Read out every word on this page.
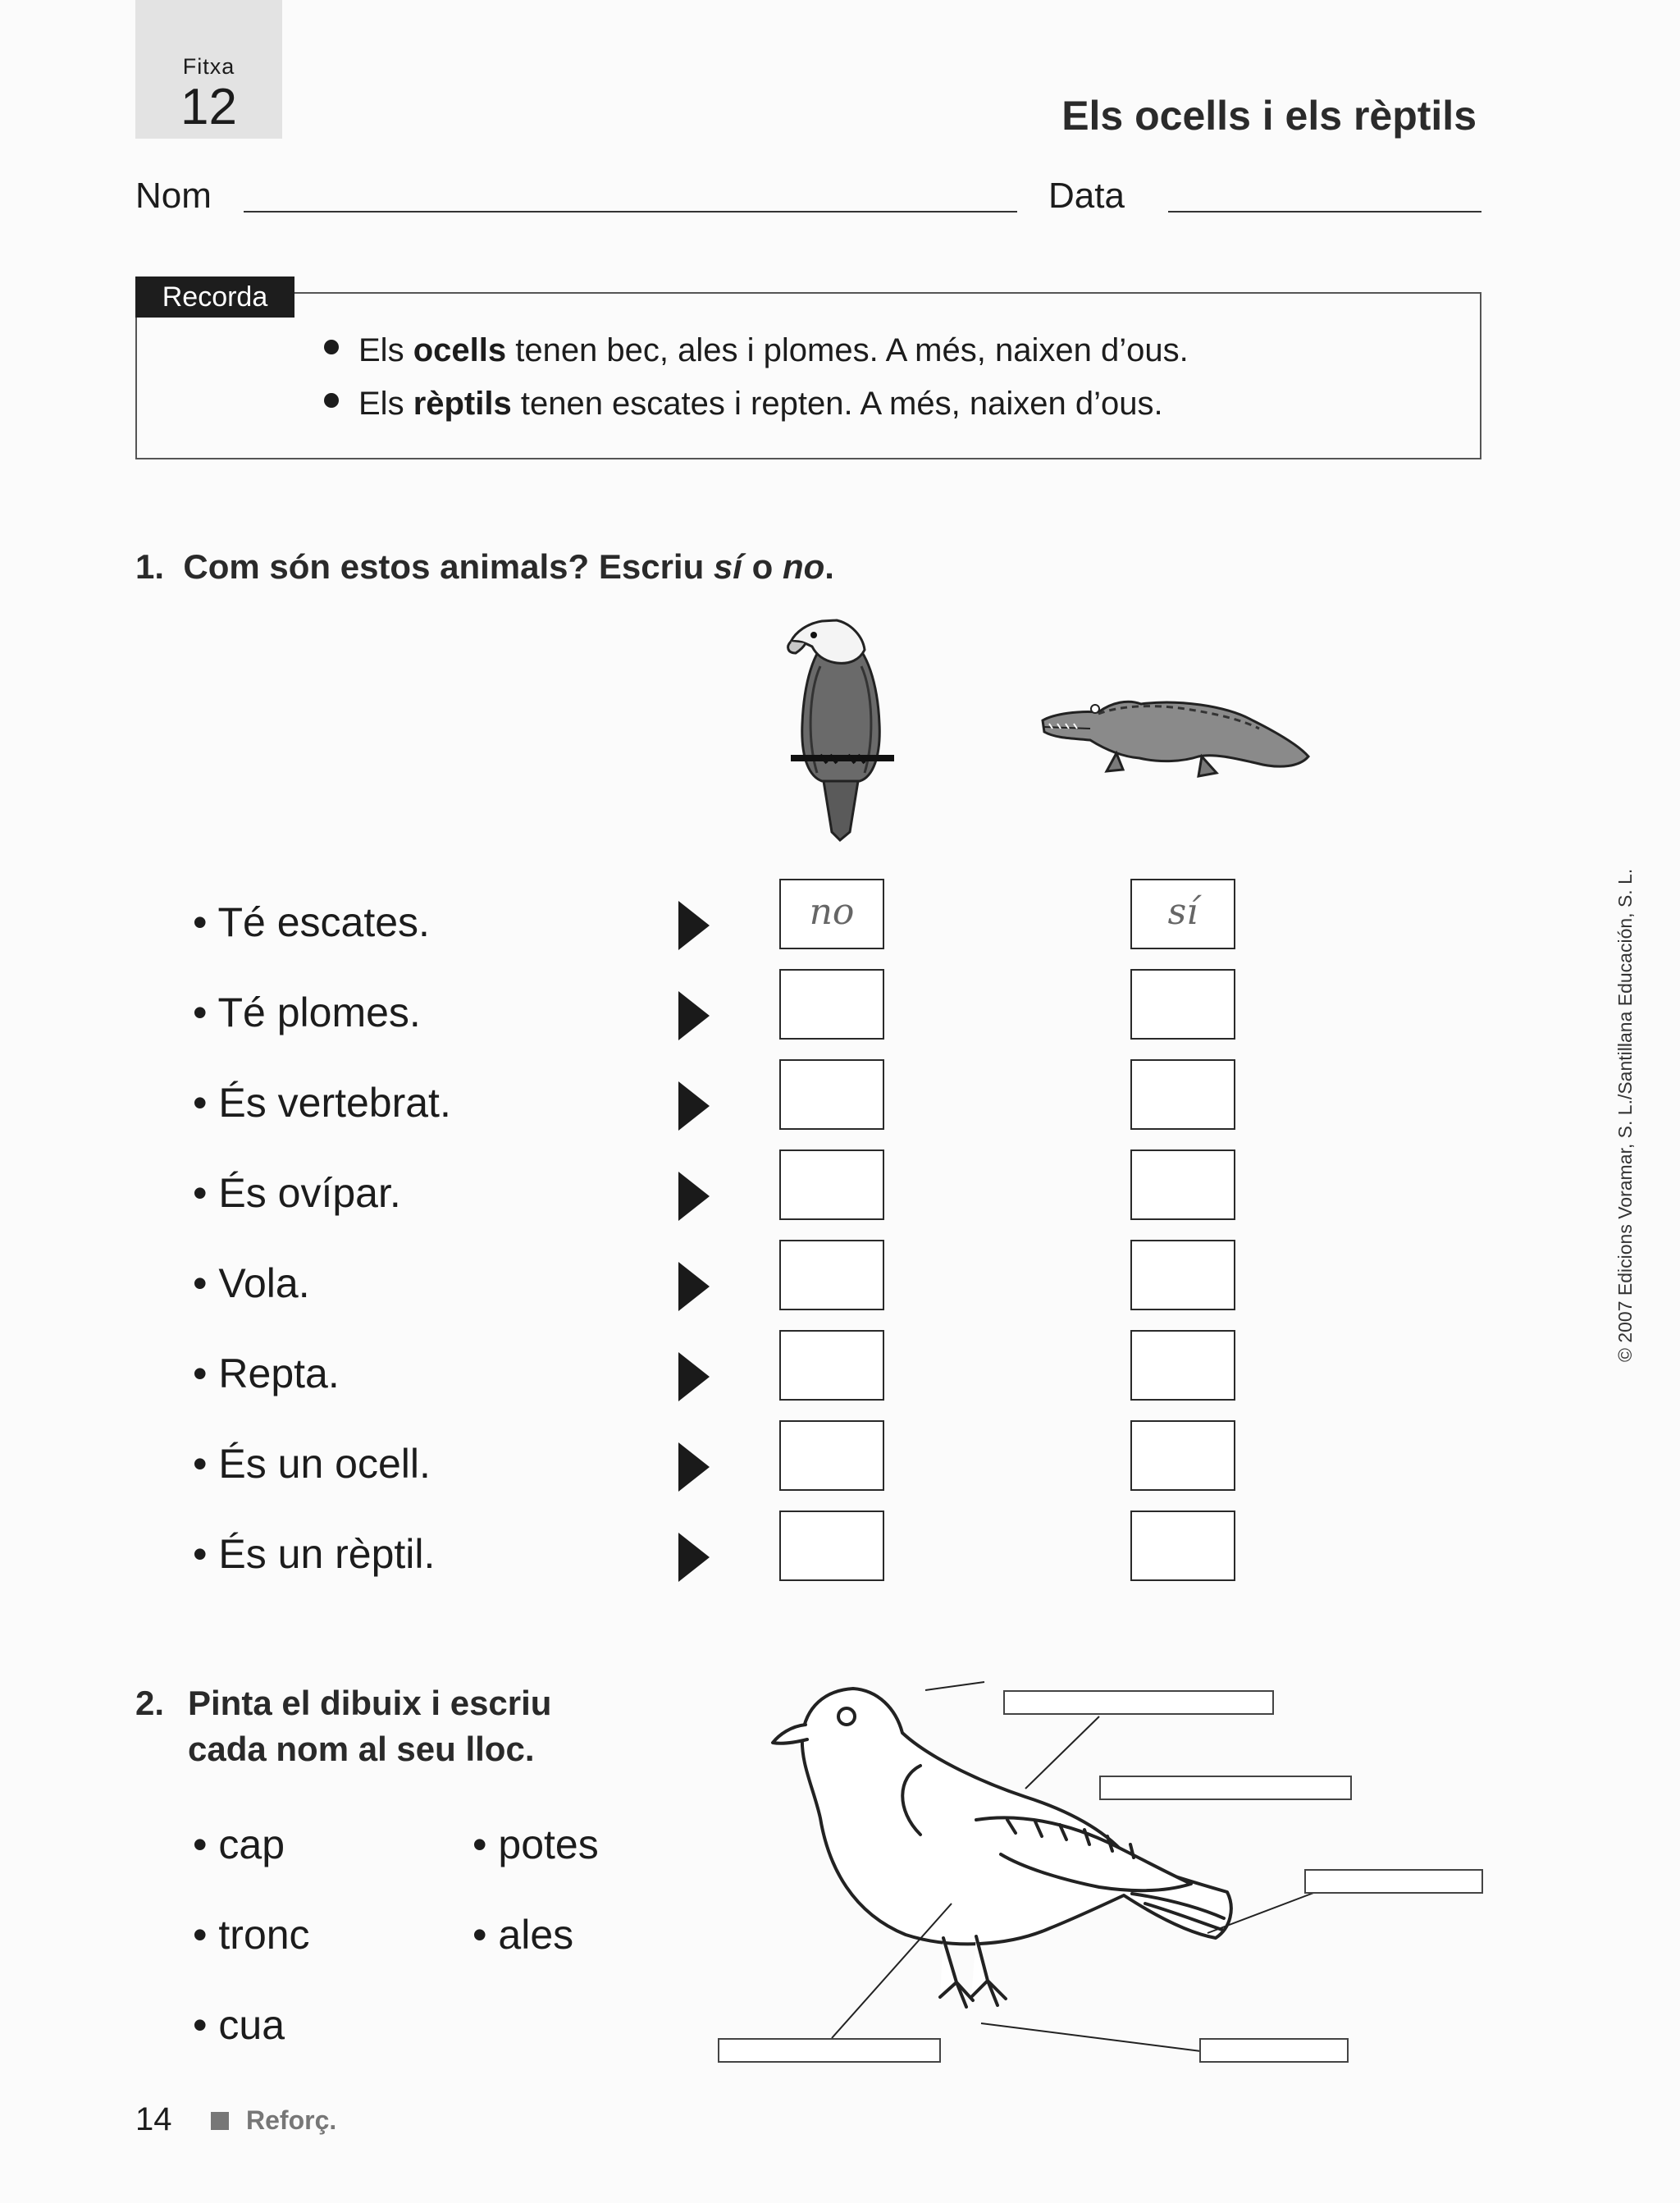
Fitxa
12	Els ocells i els rèptils
Nom	Data
Recorda
Els ocells tenen bec, ales i plomes. A més, naixen d’ous.
Els rèptils tenen escates i repten. A més, naixen d’ous.
1. Com són estos animals? Escriu sí o no.
• Té escates.	no	sí
• Té plomes.
• És vertebrat.
• És ovípar.
• Vola.
• Repta.
• És un ocell.
• És un rèptil.
2. Pinta el dibuix i escriu
cada nom al seu lloc.
• cap	• potes
• tronc	• ales
• cua
14	Reforç.
© 2007 Edicions Voramar, S. L./Santillana Educación, S. L.
